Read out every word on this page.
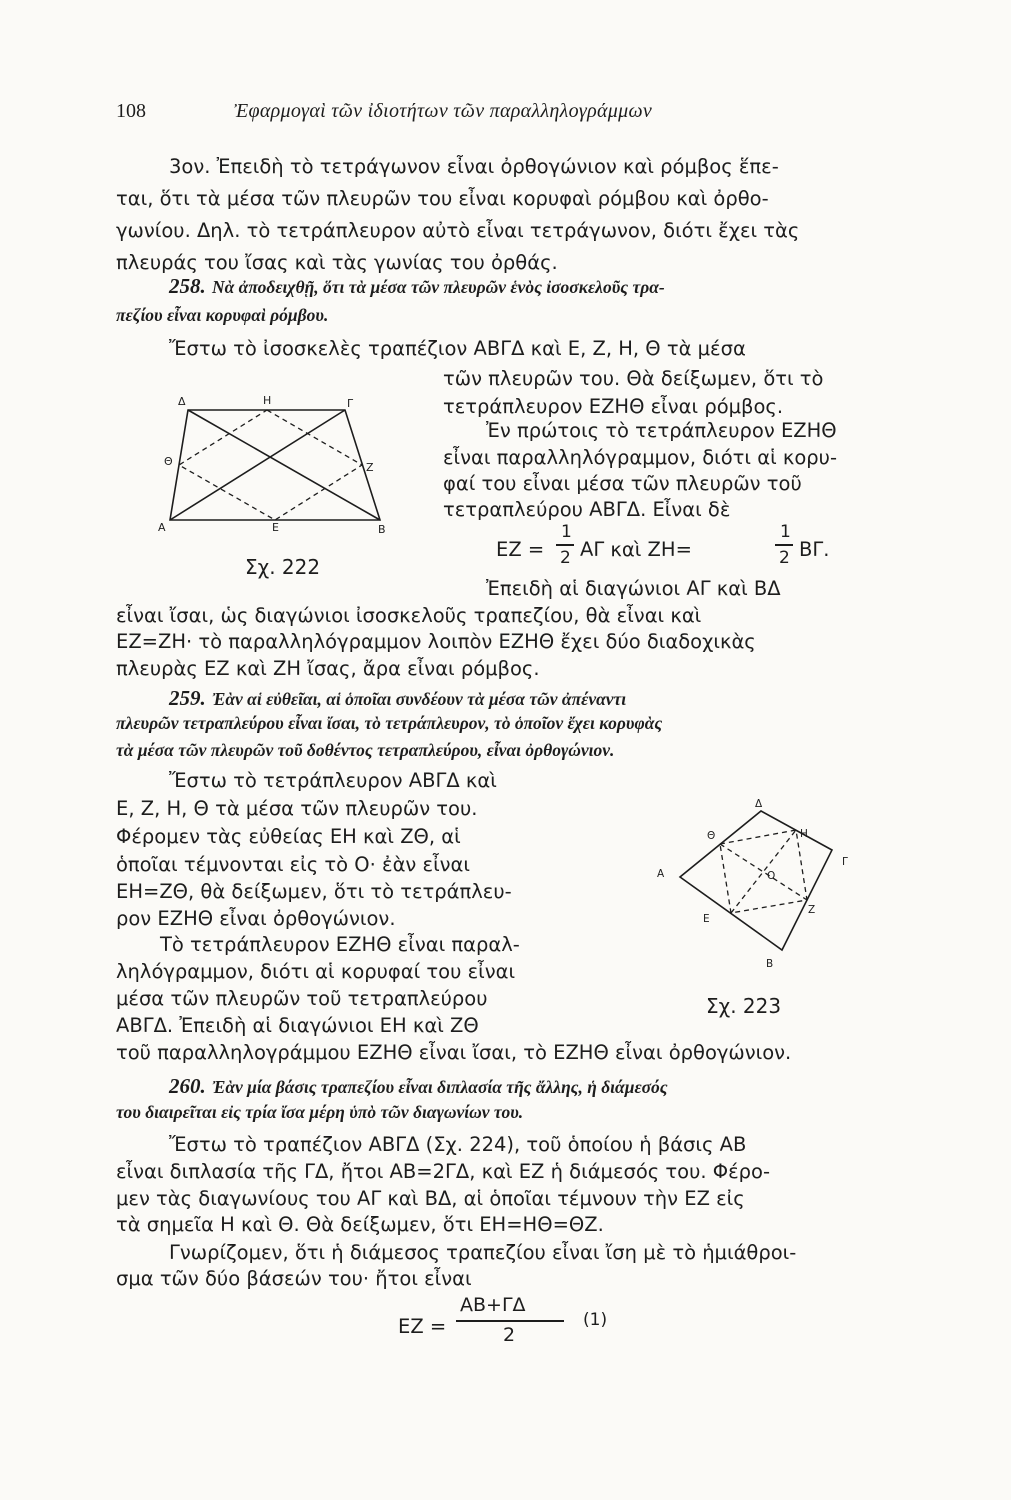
108	Ἐφαρμογαὶ τῶν ἰδιοτήτων τῶν παραλληλογράμμων
3ον. Ἐπειδὴ τὸ τετράγωνον εἶναι ὀρθογώνιον καὶ ρόμβος ἕπε-
ται, ὅτι τὰ μέσα τῶν πλευρῶν του εἶναι κορυφαὶ ρόμβου καὶ ὀρθο-
γωνίου. Δηλ. τὸ τετράπλευρον αὐτὸ εἶναι τετράγωνον, διότι ἔχει τὰς
πλευράς του ἴσας καὶ τὰς γωνίας του ὀρθάς.
258. Νὰ ἀποδειχθῇ, ὅτι τὰ μέσα τῶν πλευρῶν ἑνὸς ἰσοσκελοῦς τρα-
πεζίου εἶναι κορυφαὶ ρόμβου.
Ἔστω τὸ ἰσοσκελὲς τραπέζιον ΑΒΓΔ καὶ Ε, Ζ, Η, Θ τὰ μέσα
τῶν πλευρῶν του. Θὰ δείξωμεν, ὅτι τὸ
τετράπλευρον ΕΖΗΘ εἶναι ρόμβος.
Ἐν πρώτοις τὸ τετράπλευρον ΕΖΗΘ
εἶναι παραλληλόγραμμον, διότι αἱ κορυ-
φαί του εἶναι μέσα τῶν πλευρῶν τοῦ
τετραπλεύρου ΑΒΓΔ. Εἶναι δὲ
ΕΖ =
1
2 ΑΓ καὶ ΖΗ=
1
2 ΒΓ.
Δ	Η	Γ
Θ	Ζ
Α	Ε	Β
Σχ. 222
Ἐπειδὴ αἱ διαγώνιοι ΑΓ καὶ ΒΔ
εἶναι ἴσαι, ὡς διαγώνιοι ἰσοσκελοῦς τραπεζίου, θὰ εἶναι καὶ
ΕΖ=ΖΗ· τὸ παραλληλόγραμμον λοιπὸν ΕΖΗΘ ἔχει δύο διαδοχικὰς
πλευρὰς ΕΖ καὶ ΖΗ ἴσας, ἄρα εἶναι ρόμβος.
259. Ἐὰν αἱ εὐθεῖαι, αἱ ὁποῖαι συνδέουν τὰ μέσα τῶν ἀπέναντι
πλευρῶν τετραπλεύρου εἶναι ἴσαι, τὸ τετράπλευρον, τὸ ὁποῖον ἔχει κορυφὰς
τὰ μέσα τῶν πλευρῶν τοῦ δοθέντος τετραπλεύρου, εἶναι ὀρθογώνιον.
Ἔστω τὸ τετράπλευρον ΑΒΓΔ καὶ
Ε, Ζ, Η, Θ τὰ μέσα τῶν πλευρῶν του.
Φέρομεν τὰς εὐθείας ΕΗ καὶ ΖΘ, αἱ
ὁποῖαι τέμνονται εἰς τὸ Ο· ἐὰν εἶναι
ΕΗ=ΖΘ, θὰ δείξωμεν, ὅτι τὸ τετράπλευ-
ρον ΕΖΗΘ εἶναι ὀρθογώνιον.
Τὸ τετράπλευρον ΕΖΗΘ εἶναι παραλ-
ληλόγραμμον, διότι αἱ κορυφαί του εἶναι
μέσα τῶν πλευρῶν τοῦ τετραπλεύρου
ΑΒΓΔ. Ἐπειδὴ αἱ διαγώνιοι ΕΗ καὶ ΖΘ
τοῦ παραλληλογράμμου ΕΖΗΘ εἶναι ἴσαι, τὸ ΕΖΗΘ εἶναι ὀρθογώνιον.
Δ
Θ	Η
Γ
Ο
Α
Ε
Ζ
Β
Σχ. 223
260. Ἐὰν μία βάσις τραπεζίου εἶναι διπλασία τῆς ἄλλης, ἡ διάμεσός
του διαιρεῖται εἰς τρία ἴσα μέρη ὑπὸ τῶν διαγωνίων του.
Ἔστω τὸ τραπέζιον ΑΒΓΔ (Σχ. 224), τοῦ ὁποίου ἡ βάσις ΑΒ
εἶναι διπλασία τῆς ΓΔ, ἤτοι ΑΒ=2ΓΔ, καὶ ΕΖ ἡ διάμεσός του. Φέρο-
μεν τὰς διαγωνίους του ΑΓ καὶ ΒΔ, αἱ ὁποῖαι τέμνουν τὴν ΕΖ εἰς
τὰ σημεῖα Η καὶ Θ. Θὰ δείξωμεν, ὅτι ΕΗ=ΗΘ=ΘΖ.
Γνωρίζομεν, ὅτι ἡ διάμεσος τραπεζίου εἶναι ἴση μὲ τὸ ἡμιάθροι-
σμα τῶν δύο βάσεών του· ἤτοι εἶναι
ΕΖ =
ΑΒ+ΓΔ
2
(1)
